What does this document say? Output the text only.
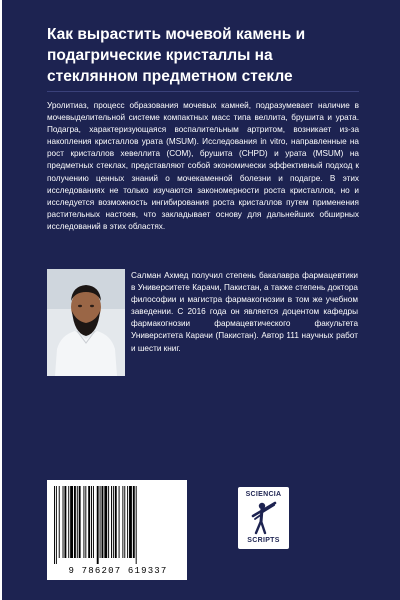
Как вырастить мочевой камень и подагрические кристаллы на стеклянном предметном стекле
Уролитиаз, процесс образования мочевых камней, подразумевает наличие в мочевыделительной системе компактных масс типа веллита, брушита и урата. Подагра, характеризующаяся воспалительным артритом, возникает из-за накопления кристаллов урата (MSUM). Исследования in vitro, направленные на рост кристаллов хевеллита (COM), брушита (CHPD) и урата (MSUM) на предметных стеклах, представляют собой экономически эффективный подход к получению ценных знаний о мочекаменной болезни и подагре. В этих исследованиях не только изучаются закономерности роста кристаллов, но и исследуется возможность ингибирования роста кристаллов путем применения растительных настоев, что закладывает основу для дальнейших обширных исследований в этих областях.
Салман Ахмед получил степень бакалавра фармацевтики в Университете Карачи, Пакистан, а также степень доктора философии и магистра фармакогнозии в том же учебном заведении. С 2016 года он является доцентом кафедры фармакогнозии фармацевтического факультета Университета Карачи (Пакистан). Автор 111 научных работ и шести книг.
9 786207 619337
SCIENCIA
SCRIPTS
